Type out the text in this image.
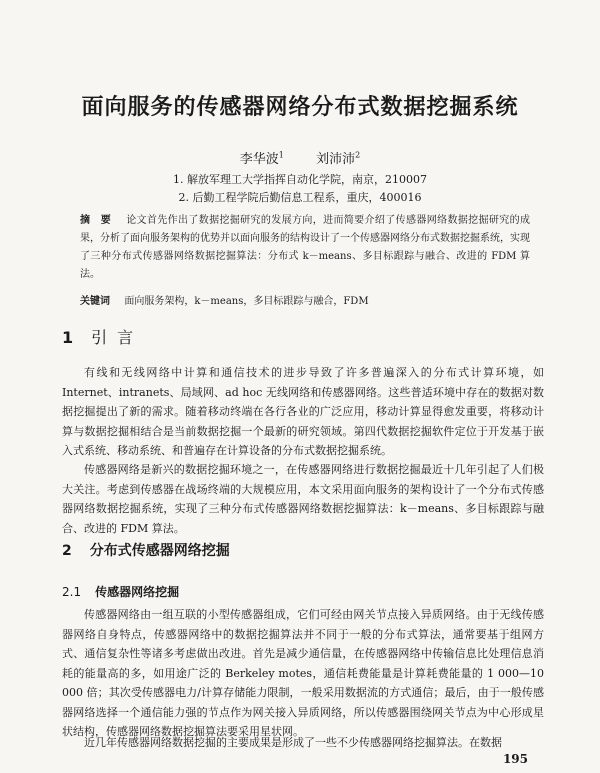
面向服务的传感器网络分布式数据挖掘系统
李华波$^1$ 刘沛沛$^2$
1. 解放军理工大学指挥自动化学院，南京，210007
2. 后勤工程学院后勤信息工程系，重庆，400016
摘　要 论文首先作出了数据挖掘研究的发展方向，进而简要介绍了传感器网络数据挖掘研究的成果，分析了面向服务架构的优势并以面向服务的结构设计了一个传感器网络分布式数据挖掘系统，实现了三种分布式传感器网络数据挖掘算法：分布式 k－means、多目标跟踪与融合、改进的 FDM 算法。
关键词 面向服务架构，k－means，多目标跟踪与融合，FDM
1 引言
有线和无线网络中计算和通信技术的进步导致了许多普遍深入的分布式计算环境，如 Internet、intranets、局域网、ad hoc 无线网络和传感器网络。这些普适环境中存在的数据对数据挖掘提出了新的需求。随着移动终端在各行各业的广泛应用，移动计算显得愈发重要，将移动计算与数据挖掘相结合是当前数据挖掘一个最新的研究领域。第四代数据挖掘软件定位于开发基于嵌入式系统、移动系统、和普遍存在计算设备的分布式数据挖掘系统。
传感器网络是新兴的数据挖掘环境之一，在传感器网络进行数据挖掘最近十几年引起了人们极大关注。考虑到传感器在战场终端的大规模应用，本文采用面向服务的架构设计了一个分布式传感器网络数据挖掘系统，实现了三种分布式传感器网络数据挖掘算法：k－means、多目标跟踪与融合、改进的 FDM 算法。
2 分布式传感器网络挖掘
2.1 传感器网络挖掘
传感器网络由一组互联的小型传感器组成，它们可经由网关节点接入异质网络。由于无线传感器网络自身特点，传感器网络中的数据挖掘算法并不同于一般的分布式算法，通常要基于组网方式、通信复杂性等诸多考虑做出改进。首先是减少通信量，在传感器网络中传输信息比处理信息消耗的能量高的多，如用途广泛的 Berkeley motes，通信耗费能量是计算耗费能量的 1 000—10 000 倍；其次受传感器电力/计算存储能力限制，一般采用数据流的方式通信；最后，由于一般传感器网络选择一个通信能力强的节点作为网关接入异质网络，所以传感器围绕网关节点为中心形成星状结构，传感器网络数据挖掘算法要采用星状网。
近几年传感器网络数据挖掘的主要成果是形成了一些不少传感器网络挖掘算法。在数据
195
